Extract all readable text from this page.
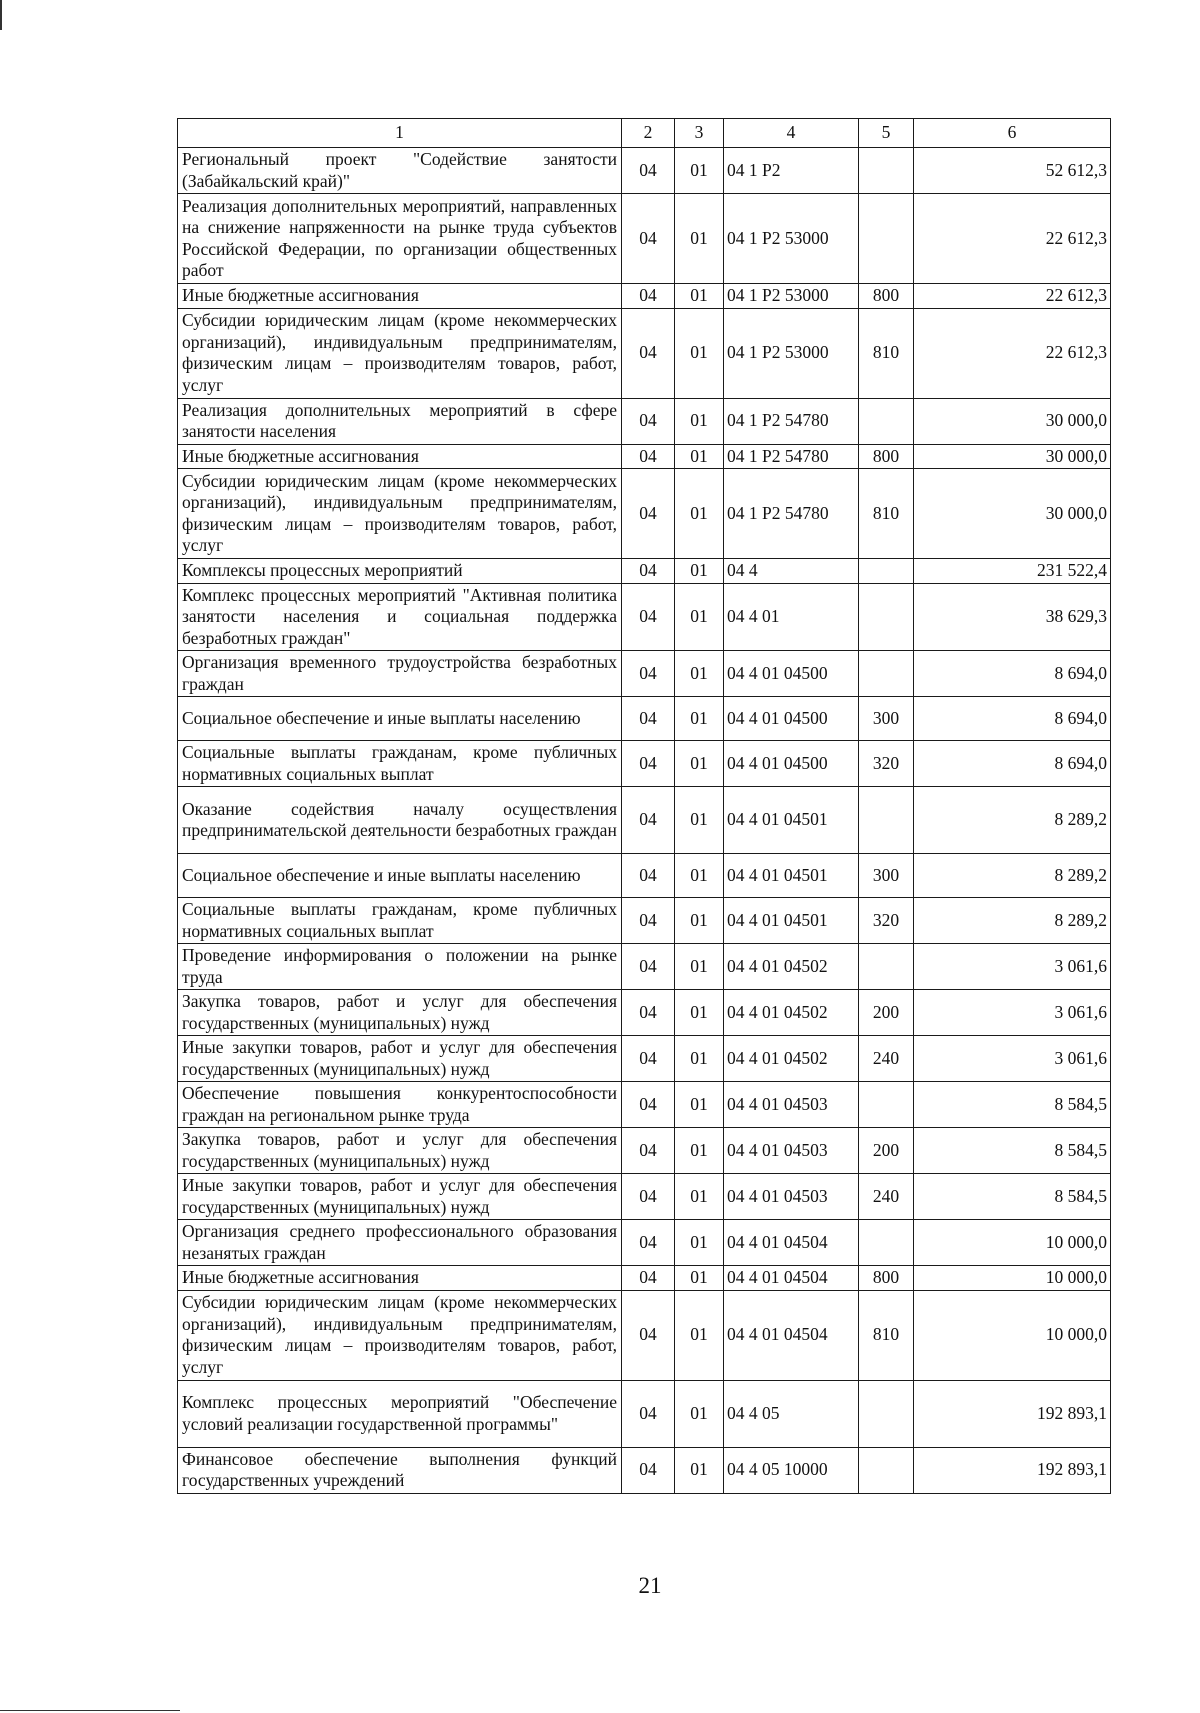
1	2	3	4	5	6
Региональный проект "Содействие занятости (Забайкальский край)"	04	01	04 1 P2		52 612,3
Реализация дополнительных мероприятий, направленных на снижение напряженности на рынке труда субъектов Российской Федерации, по организации общественных работ	04	01	04 1 P2 53000		22 612,3
Иные бюджетные ассигнования	04	01	04 1 P2 53000	800	22 612,3
Субсидии юридическим лицам (кроме некоммерческих организаций), индивидуальным предпринимателям, физическим лицам – производителям товаров, работ, услуг	04	01	04 1 P2 53000	810	22 612,3
Реализация дополнительных мероприятий в сфере занятости населения	04	01	04 1 P2 54780		30 000,0
Иные бюджетные ассигнования	04	01	04 1 P2 54780	800	30 000,0
Субсидии юридическим лицам (кроме некоммерческих организаций), индивидуальным предпринимателям, физическим лицам – производителям товаров, работ, услуг	04	01	04 1 P2 54780	810	30 000,0
Комплексы процессных мероприятий	04	01	04 4		231 522,4
Комплекс процессных мероприятий "Активная политика занятости населения и социальная поддержка безработных граждан"	04	01	04 4 01		38 629,3
Организация временного трудоустройства безработных граждан	04	01	04 4 01 04500		8 694,0
Социальное обеспечение и иные выплаты населению	04	01	04 4 01 04500	300	8 694,0
Социальные выплаты гражданам, кроме публичных нормативных социальных выплат	04	01	04 4 01 04500	320	8 694,0
Оказание содействия началу осуществления предпринимательской деятельности безработных граждан	04	01	04 4 01 04501		8 289,2
Социальное обеспечение и иные выплаты населению	04	01	04 4 01 04501	300	8 289,2
Социальные выплаты гражданам, кроме публичных нормативных социальных выплат	04	01	04 4 01 04501	320	8 289,2
Проведение информирования о положении на рынке труда	04	01	04 4 01 04502		3 061,6
Закупка товаров, работ и услуг для обеспечения государственных (муниципальных) нужд	04	01	04 4 01 04502	200	3 061,6
Иные закупки товаров, работ и услуг для обеспечения государственных (муниципальных) нужд	04	01	04 4 01 04502	240	3 061,6
Обеспечение повышения конкурентоспособности граждан на региональном рынке труда	04	01	04 4 01 04503		8 584,5
Закупка товаров, работ и услуг для обеспечения государственных (муниципальных) нужд	04	01	04 4 01 04503	200	8 584,5
Иные закупки товаров, работ и услуг для обеспечения государственных (муниципальных) нужд	04	01	04 4 01 04503	240	8 584,5
Организация среднего профессионального образования незанятых граждан	04	01	04 4 01 04504		10 000,0
Иные бюджетные ассигнования	04	01	04 4 01 04504	800	10 000,0
Субсидии юридическим лицам (кроме некоммерческих организаций), индивидуальным предпринимателям, физическим лицам – производителям товаров, работ, услуг	04	01	04 4 01 04504	810	10 000,0
Комплекс процессных мероприятий "Обеспечение условий реализации государственной программы"	04	01	04 4 05		192 893,1
Финансовое обеспечение выполнения функций государственных учреждений	04	01	04 4 05 10000		192 893,1
21
